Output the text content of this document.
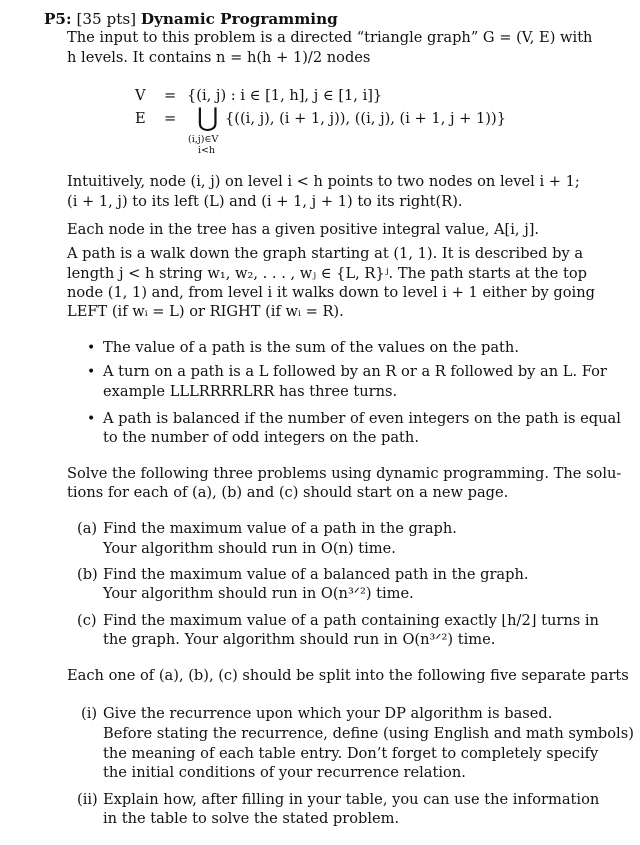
P5: [35 pts] Dynamic Programming
The input to this problem is a directed “triangle graph” G = (V, E) with
h levels. It contains n = h(h + 1)/2 nodes
V = {(i, j) : i ∈ [1, h], j ∈ [1, i]}
E = ⋃ {((i, j), (i + 1, j)), ((i, j), (i + 1, j + 1))}
(i,j)∈V
i<h
Intuitively, node (i, j) on level i < h points to two nodes on level i + 1;
(i + 1, j) to its left (L) and (i + 1, j + 1) to its right(R).
Each node in the tree has a given positive integral value, A[i, j].
A path is a walk down the graph starting at (1, 1). It is described by a
length j < h string w₁, w₂, . . . , wⱼ ∈ {L, R}ʲ. The path starts at the top
node (1, 1) and, from level i it walks down to level i + 1 either by going
LEFT (if wᵢ = L) or RIGHT (if wᵢ = R).
• The value of a path is the sum of the values on the path.
• A turn on a path is a L followed by an R or a R followed by an L. For
example LLLRRRRLRR has three turns.
• A path is balanced if the number of even integers on the path is equal
to the number of odd integers on the path.
Solve the following three problems using dynamic programming. The solu-
tions for each of (a), (b) and (c) should start on a new page.
(a) Find the maximum value of a path in the graph.
Your algorithm should run in O(n) time.
(b) Find the maximum value of a balanced path in the graph.
Your algorithm should run in O(n³ᐟ²) time.
(c) Find the maximum value of a path containing exactly ⌊h/2⌋ turns in
the graph. Your algorithm should run in O(n³ᐟ²) time.
Each one of (a), (b), (c) should be split into the following five separate parts
(i) Give the recurrence upon which your DP algorithm is based.
Before stating the recurrence, define (using English and math symbols)
the meaning of each table entry. Don’t forget to completely specify
the initial conditions of your recurrence relation.
(ii) Explain how, after filling in your table, you can use the information
in the table to solve the stated problem.
